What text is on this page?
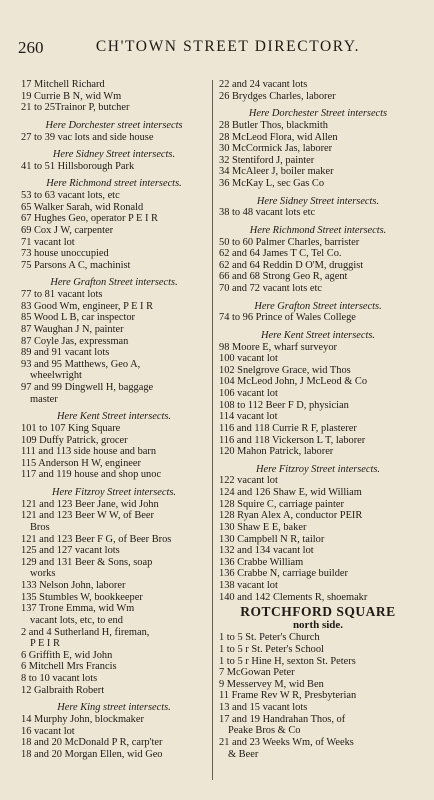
260	CH'TOWN STREET DIRECTORY.
17 Mitchell Richard
19 Currie B N, wid Wm
21 to 25Trainor P, butcher
Here Dorchester street intersects
27 to 39 vac lots and side house
Here Sidney Street intersects.
41 to 51 Hillsborough Park
Here Richmond street intersects.
53 to 63 vacant lots, etc
65 Walker Sarah, wid Ronald
67 Hughes Geo, operator P E I R
69 Cox J W, carpenter
71 vacant lot
73 house unoccupied
75 Parsons A C, machinist
Here Grafton Street intersects.
77 to 81 vacant lots
83 Good Wm, engineer, P E I R
85 Wood L B, car inspector
87 Waughan J N, painter
87 Coyle Jas, expressman
89 and 91 vacant lots
93 and 95 Matthews, Geo A,
wheelwright
97 and 99 Dingwell H, baggage
master
Here Kent Street intersects.
101 to 107 King Square
109 Duffy Patrick, grocer
111 and 113 side house and barn
115 Anderson H W, engineer
117 and 119 house and shop unoc
Here Fitzroy Street intersects.
121 and 123 Beer Jane, wid John
121 and 123 Beer W W, of Beer
Bros
121 and 123 Beer F G, of Beer Bros
125 and 127 vacant lots
129 and 131 Beer & Sons, soap
works
133 Nelson John, laborer
135 Stumbles W, bookkeeper
137 Trone Emma, wid Wm
vacant lots, etc, to end
2 and 4 Sutherland H, fireman,
P E I R
6 Griffith E, wid John
6 Mitchell Mrs Francis
8 to 10 vacant lots
12 Galbraith Robert
Here King street intersects.
14 Murphy John, blockmaker
16 vacant lot
18 and 20 McDonald P R, carp'ter
18 and 20 Morgan Ellen, wid Geo
22 and 24 vacant lots
26 Brydges Charles, laborer
Here Dorchester Street intersects
28 Butler Thos, blackmith
28 McLeod Flora, wid Allen
30 McCormick Jas, laborer
32 Stentiford J, painter
34 McAleer J, boiler maker
36 McKay L, sec Gas Co
Here Sidney Street intersects.
38 to 48 vacant lots etc
Here Richmond Street intersects.
50 to 60 Palmer Charles, barrister
62 and 64 James T C, Tel Co.
62 and 64 Reddin D O'M, druggist
66 and 68 Strong Geo R, agent
70 and 72 vacant lots etc
Here Grafton Street intersects.
74 to 96 Prince of Wales College
Here Kent Street intersects.
98 Moore E, wharf surveyor
100 vacant lot
102 Snelgrove Grace, wid Thos
104 McLeod John, J McLeod & Co
106 vacant lot
108 to 112 Beer F D, physician
114 vacant lot
116 and 118 Currie R F, plasterer
116 and 118 Vickerson L T, laborer
120 Mahon Patrick, laborer
Here Fitzroy Street intersects.
122 vacant lot
124 and 126 Shaw E, wid William
128 Squire C, carriage painter
128 Ryan Alex A, conductor PEIR
130 Shaw E E, baker
130 Campbell N R, tailor
132 and 134 vacant lot
136 Crabbe William
136 Crabbe N, carriage builder
138 vacant lot
140 and 142 Clements R, shoemakr
ROTCHFORD SQUARE
north side.
1 to 5 St. Peter's Church
1 to 5 r St. Peter's School
1 to 5 r Hine H, sexton St. Peters
7 McGowan Peter
9 Messervey M, wid Ben
11 Frame Rev W R, Presbyterian
13 and 15 vacant lots
17 and 19 Handrahan Thos, of
Peake Bros & Co
21 and 23 Weeks Wm, of Weeks
& Beer
